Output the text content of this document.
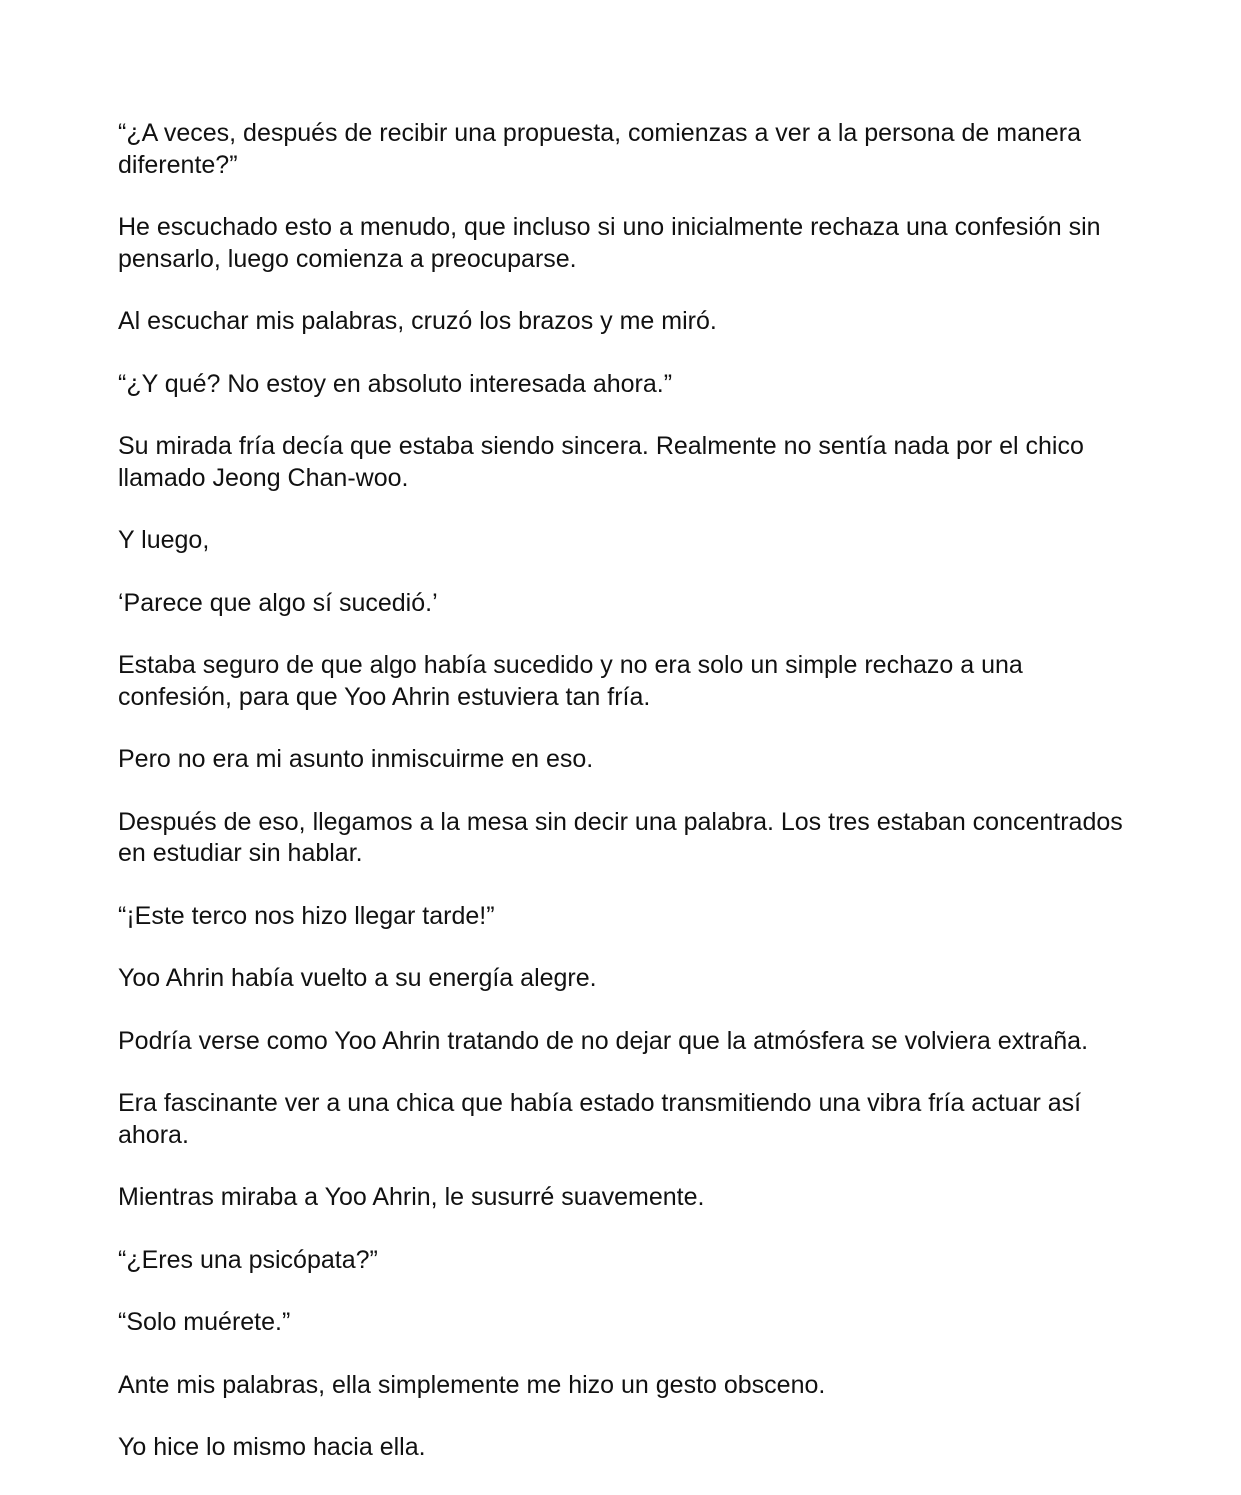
“¿A veces, después de recibir una propuesta, comienzas a ver a la persona de manera diferente?”

He escuchado esto a menudo, que incluso si uno inicialmente rechaza una confesión sin pensarlo, luego comienza a preocuparse.

Al escuchar mis palabras, cruzó los brazos y me miró.

“¿Y qué? No estoy en absoluto interesada ahora.”

Su mirada fría decía que estaba siendo sincera. Realmente no sentía nada por el chico llamado Jeong Chan-woo.

Y luego,

‘Parece que algo sí sucedió.’

Estaba seguro de que algo había sucedido y no era solo un simple rechazo a una confesión, para que Yoo Ahrin estuviera tan fría.

Pero no era mi asunto inmiscuirme en eso.

Después de eso, llegamos a la mesa sin decir una palabra. Los tres estaban concentrados en estudiar sin hablar.

“¡Este terco nos hizo llegar tarde!”

Yoo Ahrin había vuelto a su energía alegre.

Podría verse como Yoo Ahrin tratando de no dejar que la atmósfera se volviera extraña.

Era fascinante ver a una chica que había estado transmitiendo una vibra fría actuar así ahora.

Mientras miraba a Yoo Ahrin, le susurré suavemente.

“¿Eres una psicópata?”

“Solo muérete.”

Ante mis palabras, ella simplemente me hizo un gesto obsceno.

Yo hice lo mismo hacia ella.
